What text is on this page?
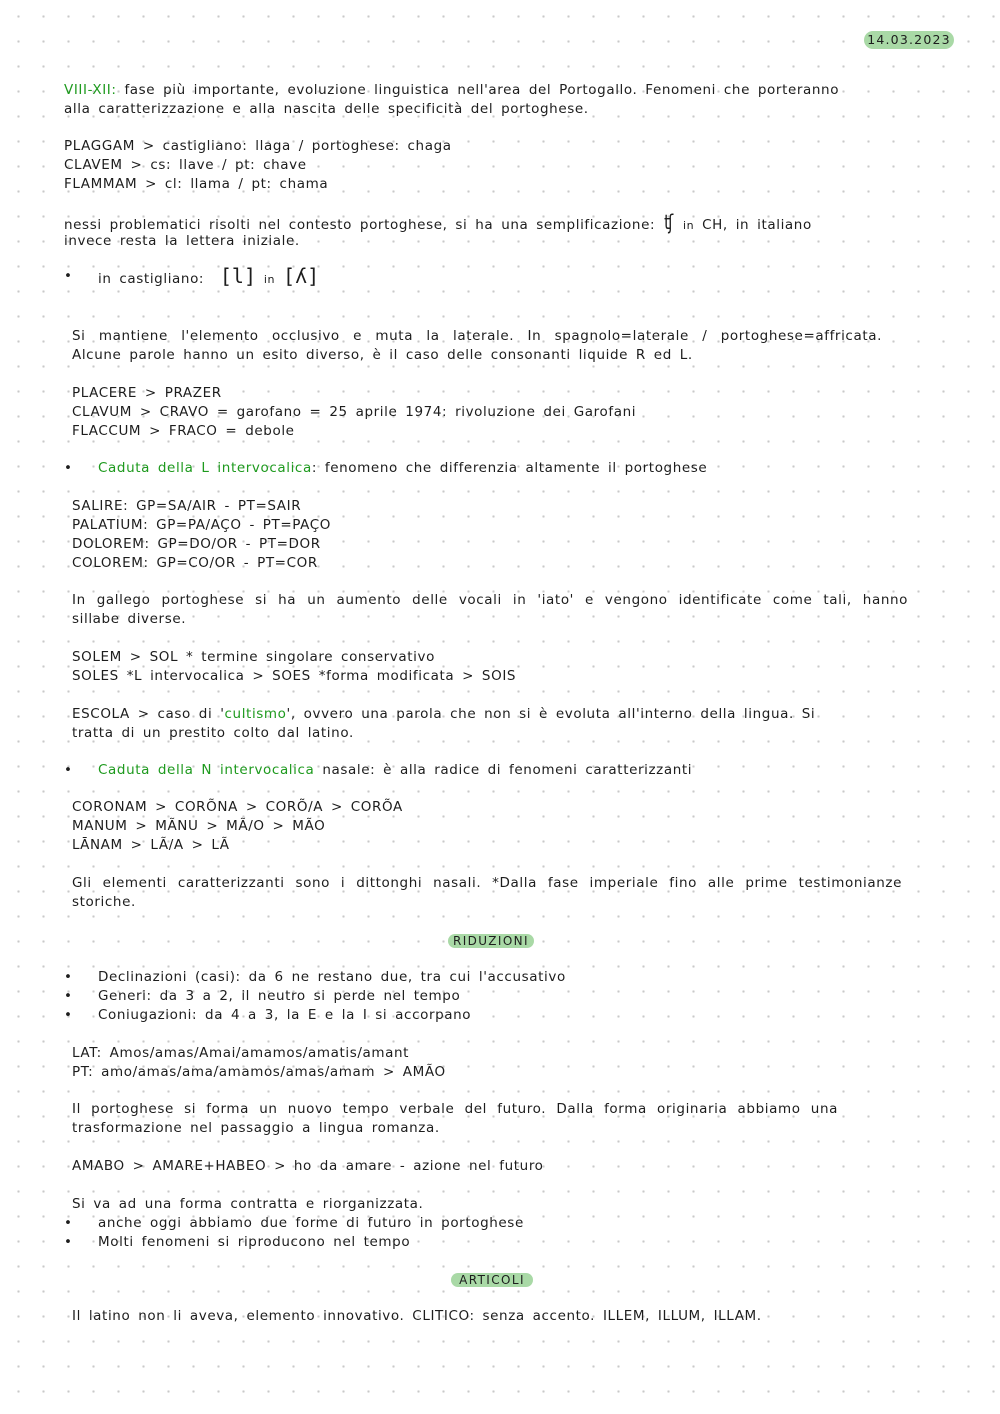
14.03.2023
VIII-XII: fase più importante, evoluzione linguistica nell'area del Portogallo. Fenomeni che porteranno
alla caratterizzazione e alla nascita delle specificità del portoghese.
PLAGGAM > castigliano: llaga / portoghese: chaga
CLAVEM > cs: llave / pt: chave
FLAMMAM > cl: llama / pt: chama
nessi problematici risolti nel contesto portoghese, si ha una semplificazione: ʧ in CH, in italiano
invece resta la lettera iniziale.
• in castigliano: [l] in [ʎ]
Si mantiene l'elemento occlusivo e muta la laterale. In spagnolo=laterale / portoghese=affricata.
Alcune parole hanno un esito diverso, è il caso delle consonanti liquide R ed L.
PLACERE > PRAZER
CLAVUM > CRAVO = garofano = 25 aprile 1974: rivoluzione dei Garofani
FLACCUM > FRACO = debole
• Caduta della L intervocalica: fenomeno che differenzia altamente il portoghese
SALIRE: GP=SA/AIR - PT=SAIR
PALATIUM: GP=PA/AÇO - PT=PAÇO
DOLOREM: GP=DO/OR - PT=DOR
COLOREM: GP=CO/OR - PT=COR
In gallego portoghese si ha un aumento delle vocali in 'iato' e vengono identificate come tali, hanno
sillabe diverse.
SOLEM > SOL * termine singolare conservativo
SOLES *L intervocalica > SOES *forma modificata > SOIS
ESCOLA > caso di 'cultismo', ovvero una parola che non si è evoluta all'interno della lingua. Si
tratta di un prestito colto dal latino.
• Caduta della N intervocalica nasale: è alla radice di fenomeni caratterizzanti
CORONAM > CORÕNA > CORÕ/A > CORÕA
MANUM > MÃNU > MÃ/O > MÃO
LĀNAM > LÃ/A > LÃ
Gli elementi caratterizzanti sono i dittonghi nasali. *Dalla fase imperiale fino alle prime testimonianze
storiche.
RIDUZIONI
• Declinazioni (casi): da 6 ne restano due, tra cui l'accusativo
• Generi: da 3 a 2, il neutro si perde nel tempo
• Coniugazioni: da 4 a 3, la E e la I si accorpano
LAT: Amos/amas/Amai/amamos/amatis/amant
PT: amo/amas/ama/amamos/amas/amam > AMÃO
Il portoghese si forma un nuovo tempo verbale del futuro. Dalla forma originaria abbiamo una
trasformazione nel passaggio a lingua romanza.
AMABO > AMARE+HABEO > ho da amare - azione nel futuro
Si va ad una forma contratta e riorganizzata.
• anche oggi abbiamo due forme di futuro in portoghese
• Molti fenomeni si riproducono nel tempo
ARTICOLI
Il latino non li aveva, elemento innovativo. CLITICO: senza accento. ILLEM, ILLUM, ILLAM.
